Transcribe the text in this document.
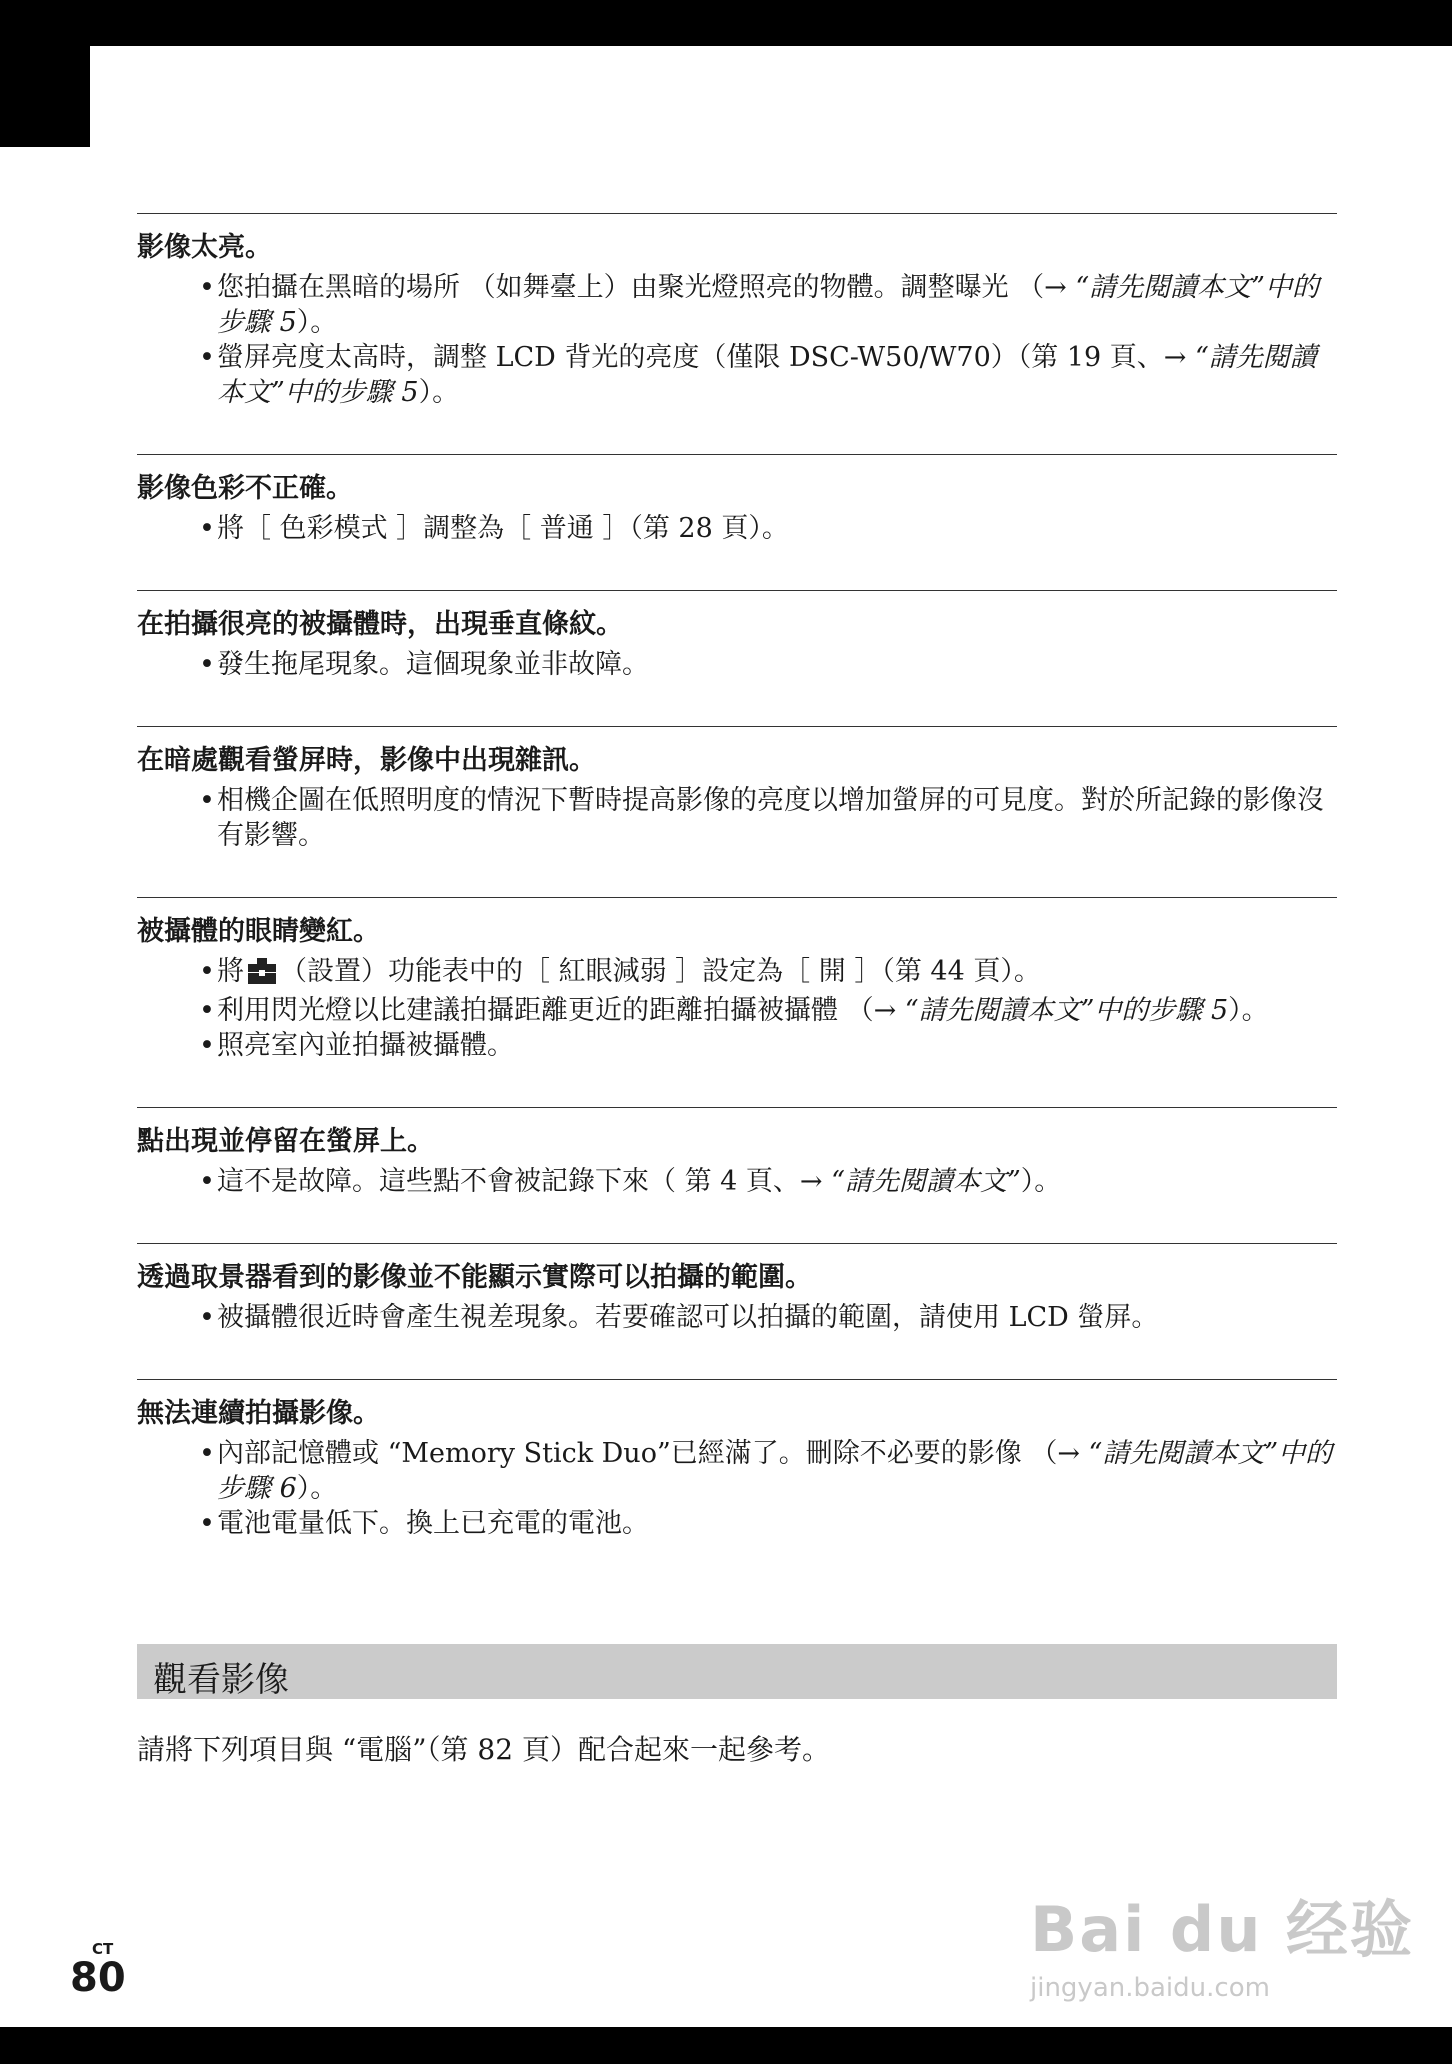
影像太亮。
• 您拍攝在黑暗的場所 （如舞臺上）由聚光燈照亮的物體。調整曝光 （→ “請先閱讀本文”中的步驟 5）。
• 螢屏亮度太高時，調整 LCD 背光的亮度（僅限 DSC-W50/W70）（第 19 頁、→ “請先閱讀本文”中的步驟 5）。
影像色彩不正確。
• 將［ 色彩模式 ］調整為［ 普通 ］（第 28 頁）。
在拍攝很亮的被攝體時，出現垂直條紋。
• 發生拖尾現象。這個現象並非故障。
在暗處觀看螢屏時，影像中出現雜訊。
• 相機企圖在低照明度的情況下暫時提高影像的亮度以增加螢屏的可見度。對於所記錄的影像沒有影響。
被攝體的眼睛變紅。
• 將 （設置）功能表中的［ 紅眼減弱 ］設定為［ 開 ］（第 44 頁）。
• 利用閃光燈以比建議拍攝距離更近的距離拍攝被攝體 （→ “請先閱讀本文”中的步驟 5）。
• 照亮室內並拍攝被攝體。
點出現並停留在螢屏上。
• 這不是故障。這些點不會被記錄下來（ 第 4 頁、→ “請先閱讀本文”）。
透過取景器看到的影像並不能顯示實際可以拍攝的範圍。
• 被攝體很近時會產生視差現象。若要確認可以拍攝的範圍，請使用 LCD 螢屏。
無法連續拍攝影像。
• 內部記憶體或 “Memory Stick Duo”已經滿了。刪除不必要的影像 （→ “請先閱讀本文”中的步驟 6）。
• 電池電量低下。換上已充電的電池。
觀看影像
請將下列項目與 “電腦”（第 82 頁）配合起來一起參考。
CT
80
Bai du 经验
jingyan.baidu.com
